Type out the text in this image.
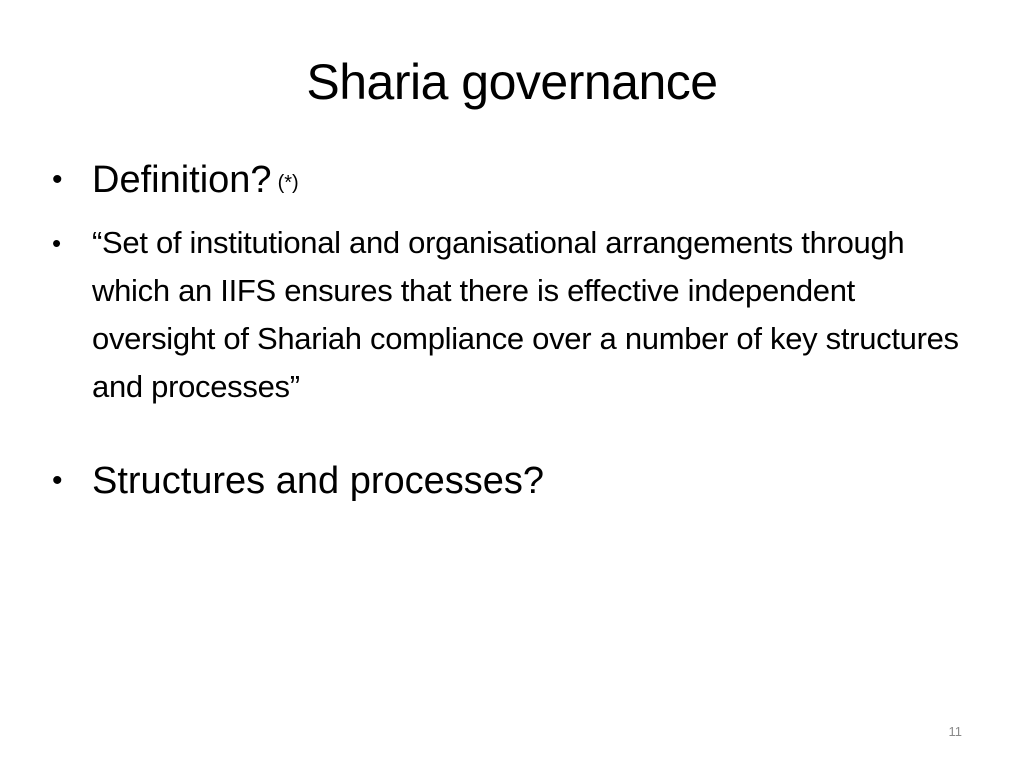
Sharia governance
• Definition? (*)
•	“Set of institutional and organisational arrangements through which an IIFS ensures that there is effective independent oversight of Shariah compliance over a number of key structures and processes”
• Structures and processes?
11
